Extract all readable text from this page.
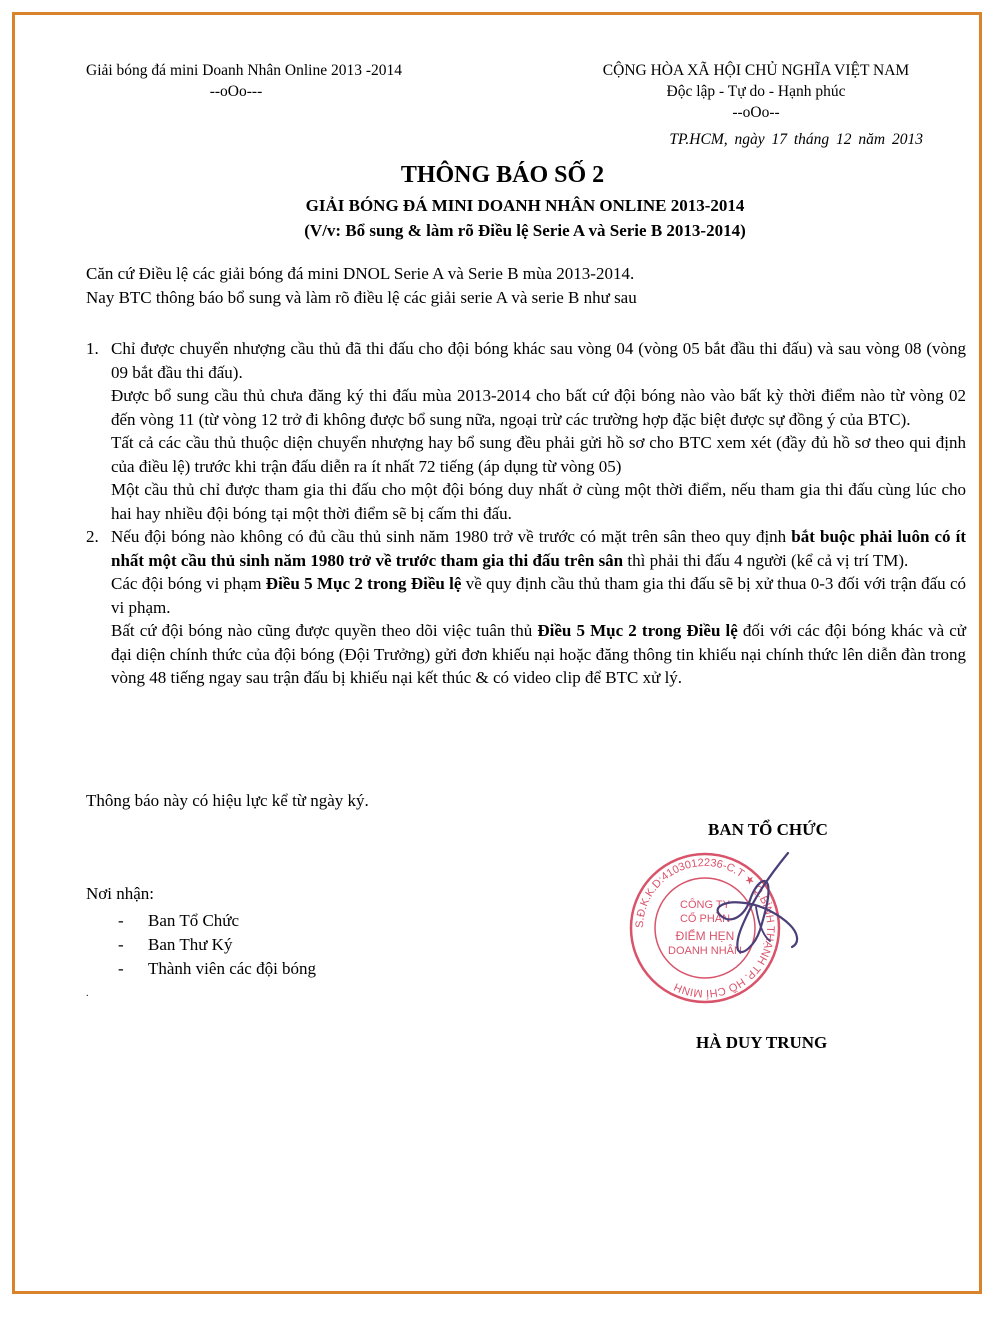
Giải bóng đá mini Doanh Nhân Online 2013 -2014

--oOo---
CỘNG HÒA XÃ HỘI CHỦ NGHĨA VIỆT NAM
Độc lập - Tự do - Hạnh phúc
--oOo--
TP.HCM, ngày 17 tháng 12 năm 2013
THÔNG BÁO SỐ 2
GIẢI BÓNG ĐÁ MINI DOANH NHÂN ONLINE 2013-2014
(V/v: Bổ sung & làm rõ Điều lệ Serie A và Serie B 2013-2014)
Căn cứ Điều lệ các giải bóng đá mini DNOL Serie A và Serie B mùa 2013-2014.
Nay BTC thông báo bổ sung và làm rõ điều lệ các giải serie A và serie B như sau
1. Chỉ được chuyển nhượng cầu thủ đã thi đấu cho đội bóng khác sau vòng 04 (vòng 05 bắt đầu thi đấu) và sau vòng 08 (vòng 09 bắt đầu thi đấu).

Được bổ sung cầu thủ chưa đăng ký thi đấu mùa 2013-2014 cho bất cứ đội bóng nào vào bất kỳ thời điểm nào từ vòng 02 đến vòng 11 (từ vòng 12 trở đi không được bổ sung nữa, ngoại trừ các trường hợp đặc biệt được sự đồng ý của BTC).

Tất cả các cầu thủ thuộc diện chuyển nhượng hay bổ sung đều phải gửi hồ sơ cho BTC xem xét (đầy đủ hồ sơ theo qui định của điều lệ) trước khi trận đấu diễn ra ít nhất 72 tiếng (áp dụng từ vòng 05)

Một cầu thủ chỉ được tham gia thi đấu cho một đội bóng duy nhất ở cùng một thời điểm, nếu tham gia thi đấu cùng lúc cho hai hay nhiều đội bóng tại một thời điểm sẽ bị cấm thi đấu.

2. Nếu đội bóng nào không có đủ cầu thủ sinh năm 1980 trở về trước có mặt trên sân theo quy định bắt buộc phải luôn có ít nhất một cầu thủ sinh năm 1980 trở về trước tham gia thi đấu trên sân thì phải thi đấu 4 người (kể cả vị trí TM).

Các đội bóng vi phạm Điều 5 Mục 2 trong Điều lệ về quy định cầu thủ tham gia thi đấu sẽ bị xử thua 0-3 đối với trận đấu có vi phạm.

Bất cứ đội bóng nào cũng được quyền theo dõi việc tuân thủ Điều 5 Mục 2 trong Điều lệ đối với các đội bóng khác và cử đại diện chính thức của đội bóng (Đội Trưởng) gửi đơn khiếu nại hoặc đăng thông tin khiếu nại chính thức lên diễn đàn trong vòng 48 tiếng ngay sau trận đấu bị khiếu nại kết thúc & có video clip để BTC xử lý.

Thông báo này có hiệu lực kể từ ngày ký.
BAN TỔ CHỨC
Nơi nhận:
- Ban Tổ Chức
- Ban Thư Ký
- Thành viên các đội bóng
.
S.Đ.K.K.D:4103012236-C.T ★ Q.BÌNH THẠNH TP. HỒ CHÍ MINH
CÔNG TY
CỔ PHẦN
ĐIỂM HẸN
DOANH NHÂN
HÀ DUY TRUNG
